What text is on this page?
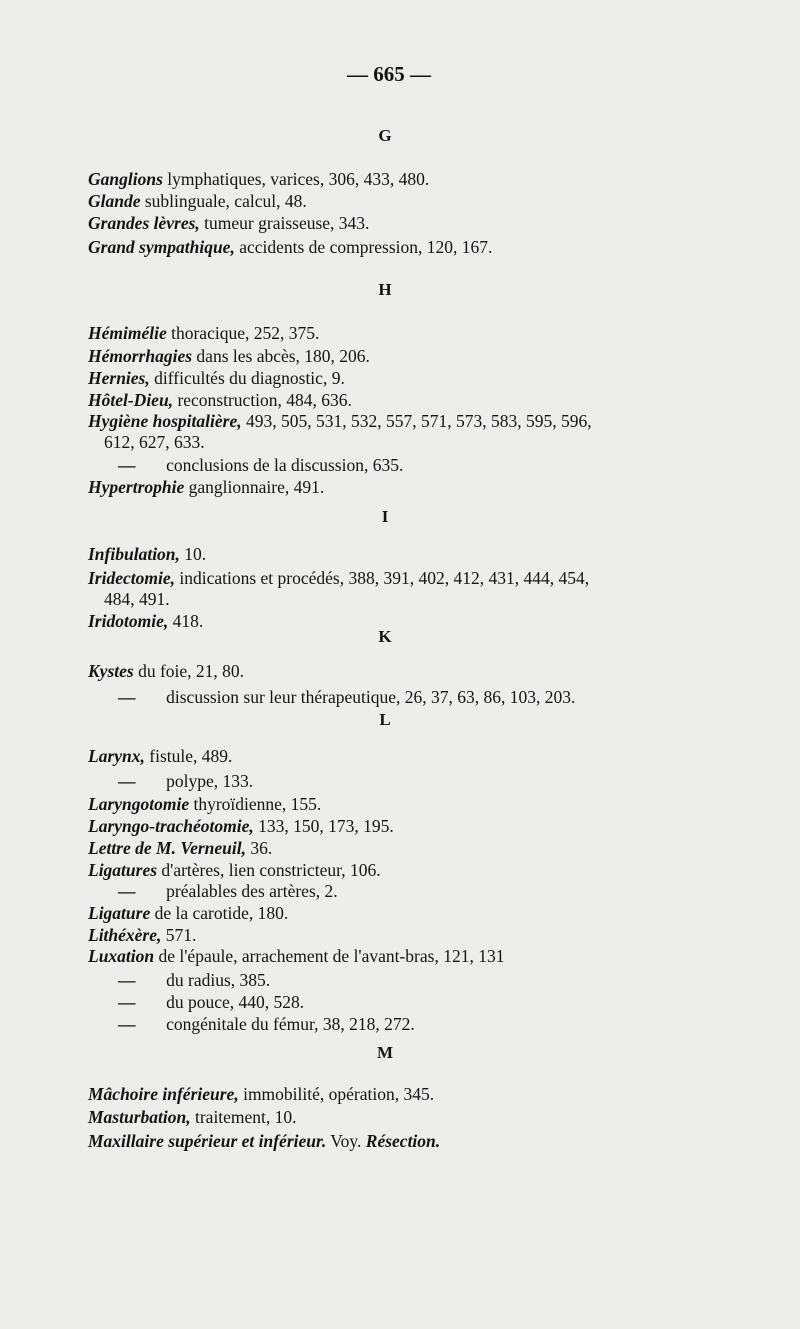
— 665 —
G
Ganglions lymphatiques, varices, 306, 433, 480.
Glande sublinguale, calcul, 48.
Grandes lèvres, tumeur graisseuse, 343.
Grand sympathique, accidents de compression, 120, 167.
H
Hémimélie thoracique, 252, 375.
Hémorrhagies dans les abcès, 180, 206.
Hernies, difficultés du diagnostic, 9.
Hôtel-Dieu, reconstruction, 484, 636.
Hygiène hospitalière, 493, 505, 531, 532, 557, 571, 573, 583, 595, 596,
612, 627, 633.
—       conclusions de la discussion, 635.
Hypertrophie ganglionnaire, 491.
I
Infibulation, 10.
Iridectomie, indications et procédés, 388, 391, 402, 412, 431, 444, 454,
484, 491.
Iridotomie, 418.
K
Kystes du foie, 21, 80.
—       discussion sur leur thérapeutique, 26, 37, 63, 86, 103, 203.
L
Larynx, fistule, 489.
—       polype, 133.
Laryngotomie thyroïdienne, 155.
Laryngo-trachéotomie, 133, 150, 173, 195.
Lettre de M. Verneuil, 36.
Ligatures d'artères, lien constricteur, 106.
—       préalables des artères, 2.
Ligature de la carotide, 180.
Lithéxère, 571.
Luxation de l'épaule, arrachement de l'avant-bras, 121, 131
—       du radius, 385.
—       du pouce, 440, 528.
—       congénitale du fémur, 38, 218, 272.
M
Mâchoire inférieure, immobilité, opération, 345.
Masturbation, traitement, 10.
Maxillaire supérieur et inférieur. Voy. Résection.
